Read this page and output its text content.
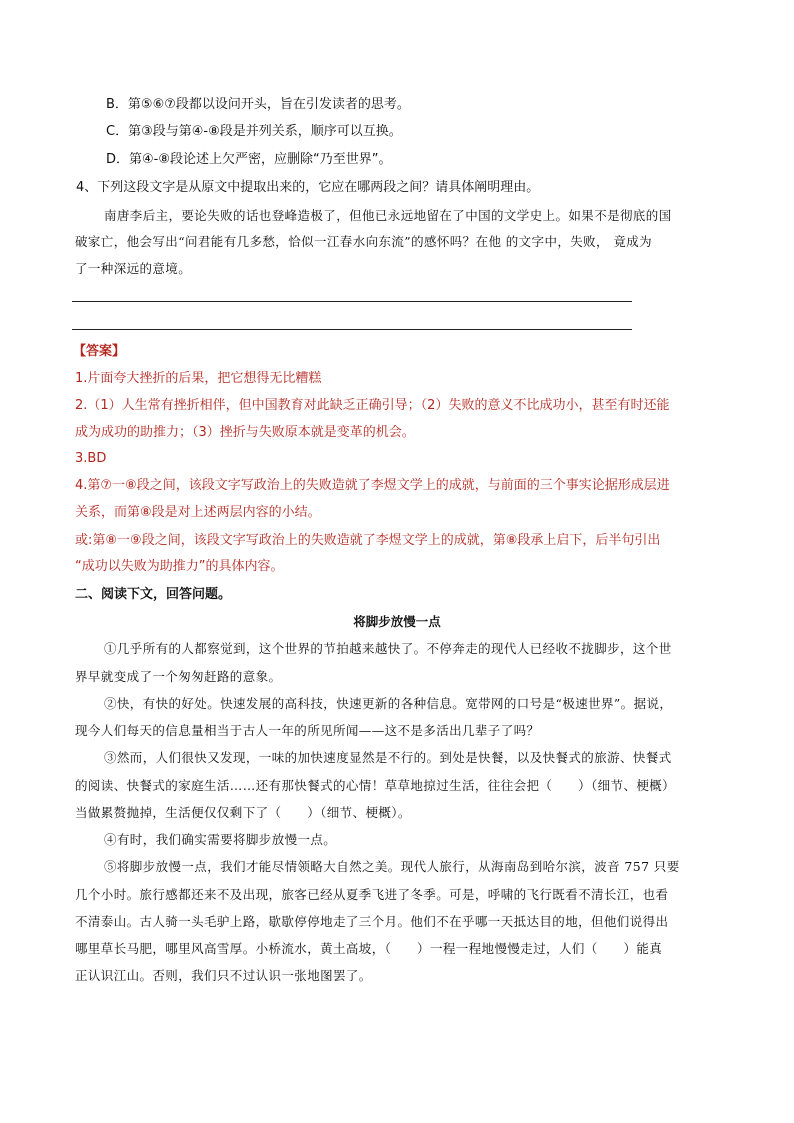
B．第⑤⑥⑦段都以设问开头，旨在引发读者的思考。
C．第③段与第④-⑧段是并列关系，顺序可以互换。
D．第④-⑧段论述上欠严密，应删除“乃至世界”。
4、下列这段文字是从原文中提取出来的，它应在哪两段之间？请具体阐明理由。
南唐李后主，要论失败的话也登峰造极了，但他已永远地留在了中国的文学史上。如果不是彻底的国
破家亡，他会写出“问君能有几多愁，恰似一江春水向东流”的感怀吗？在他 的文字中，失败， 竟成为
了一种深远的意境。
【答案】
1.片面夸大挫折的后果，把它想得无比糟糕
2.（1）人生常有挫折相伴，但中国教育对此缺乏正确引导；（2）失败的意义不比成功小，甚至有时还能
成为成功的助推力；（3）挫折与失败原本就是变革的机会。
3.BD
4.第⑦一⑧段之间，该段文字写政治上的失败造就了李煜文学上的成就，与前面的三个事实论据形成层进
关系，而第⑧段是对上述两层内容的小结。
或:第⑧一⑨段之间，该段文字写政治上的失败造就了李煜文学上的成就，第⑧段承上启下，后半句引出
“成功以失败为助推力”的具体内容。
二、阅读下文，回答问题。
将脚步放慢一点
①几乎所有的人都察觉到，这个世界的节拍越来越快了。不停奔走的现代人已经收不拢脚步，这个世
界早就变成了一个匆匆赶路的意象。
②快，有快的好处。快速发展的高科技，快速更新的各种信息。宽带网的口号是“极速世界”。据说，
现今人们每天的信息量相当于古人一年的所见所闻——这不是多活出几辈子了吗？
③然而，人们很快又发现，一味的加快速度显然是不行的。到处是快餐，以及快餐式的旅游、快餐式
的阅读、快餐式的家庭生活……还有那快餐式的心情！草草地掠过生活，往往会把（　　）（细节、梗概）
当做累赘抛掉，生活便仅仅剩下了（　　）（细节、梗概）。
④有时，我们确实需要将脚步放慢一点。
⑤将脚步放慢一点，我们才能尽情领略大自然之美。现代人旅行，从海南岛到哈尔滨，波音 757 只要
几个小时。旅行感都还来不及出现，旅客已经从夏季飞进了冬季。可是，呼啸的飞行既看不清长江，也看
不清泰山。古人骑一头毛驴上路，歇歇停停地走了三个月。他们不在乎哪一天抵达目的地，但他们说得出
哪里草长马肥，哪里风高雪厚。小桥流水，黄土高坡，（　　）一程一程地慢慢走过，人们（　　）能真
正认识江山。否则，我们只不过认识一张地图罢了。
